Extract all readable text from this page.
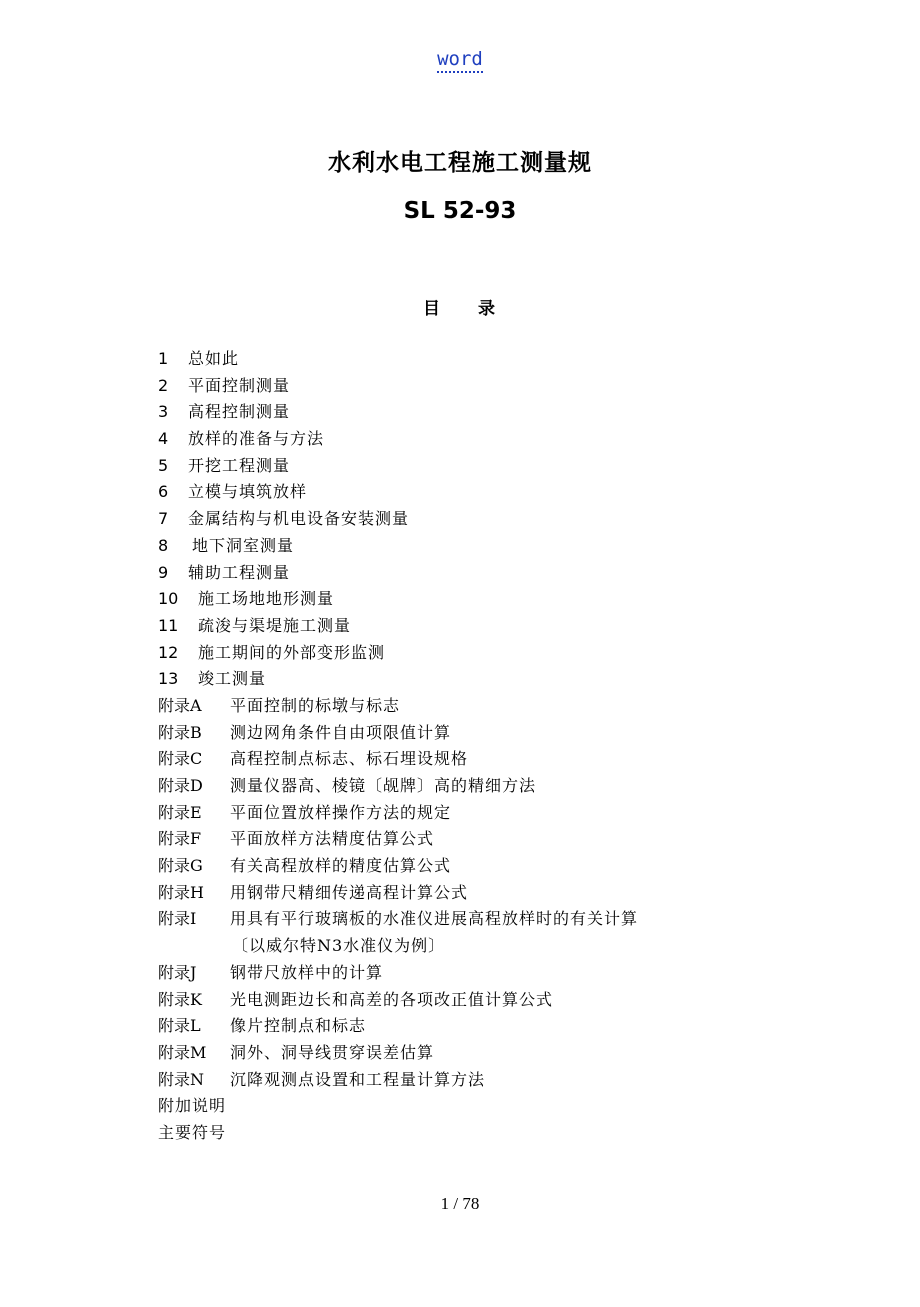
word
水利水电工程施工测量规
SL 52-93
目 录
1 总如此
2 平面控制测量
3 高程控制测量
4 放样的准备与方法
5 开挖工程测量
6 立模与填筑放样
7 金属结构与机电设备安装测量
8 地下洞室测量
9 辅助工程测量
10 施工场地地形测量
11 疏浚与渠堤施工测量
12 施工期间的外部变形监测
13 竣工测量
附录A 平面控制的标墩与标志
附录B 测边网角条件自由项限值计算
附录C 高程控制点标志、标石埋设规格
附录D 测量仪器高、棱镜〔觇牌〕高的精细方法
附录E 平面位置放样操作方法的规定
附录F 平面放样方法精度估算公式
附录G 有关高程放样的精度估算公式
附录H 用钢带尺精细传递高程计算公式
附录I 用具有平行玻璃板的水准仪进展高程放样时的有关计算
〔以威尔特N3水准仪为例〕
附录J 钢带尺放样中的计算
附录K 光电测距边长和高差的各项改正值计算公式
附录L 像片控制点和标志
附录M 洞外、洞导线贯穿误差估算
附录N 沉降观测点设置和工程量计算方法
附加说明
主要符号
1 / 78
